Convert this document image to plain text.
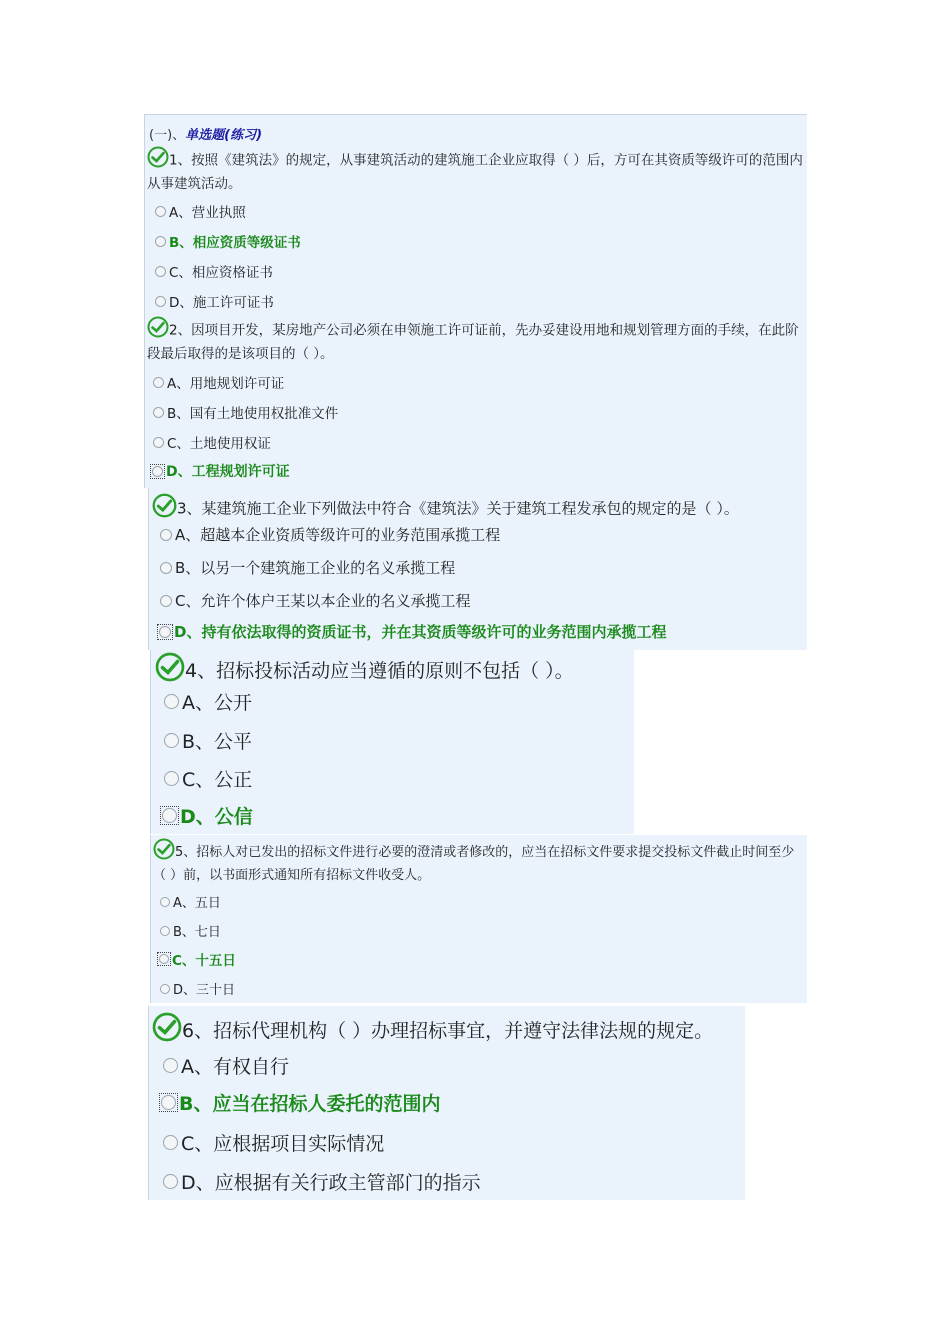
(一)、单选题(练习)
1、按照《建筑法》的规定，从事建筑活动的建筑施工企业应取得（ ）后，方可在其资质等级许可的范围内从事建筑活动。
A、营业执照
B、相应资质等级证书
C、相应资格证书
D、施工许可证书
2、因项目开发，某房地产公司必须在申领施工许可证前，先办妥建设用地和规划管理方面的手续，在此阶段最后取得的是该项目的（ ）。
A、用地规划许可证
B、国有土地使用权批准文件
C、土地使用权证
D、工程规划许可证
3、某建筑施工企业下列做法中符合《建筑法》关于建筑工程发承包的规定的是（ ）。
A、超越本企业资质等级许可的业务范围承揽工程
B、以另一个建筑施工企业的名义承揽工程
C、允许个体户王某以本企业的名义承揽工程
D、持有依法取得的资质证书，并在其资质等级许可的业务范围内承揽工程
4、招标投标活动应当遵循的原则不包括（ ）。
A、公开
B、公平
C、公正
D、公信
5、招标人对已发出的招标文件进行必要的澄清或者修改的，应当在招标文件要求提交投标文件截止时间至少（ ）前，以书面形式通知所有招标文件收受人。
A、五日
B、七日
C、十五日
D、三十日
6、招标代理机构（ ）办理招标事宜，并遵守法律法规的规定。
A、有权自行
B、应当在招标人委托的范围内
C、应根据项目实际情况
D、应根据有关行政主管部门的指示
